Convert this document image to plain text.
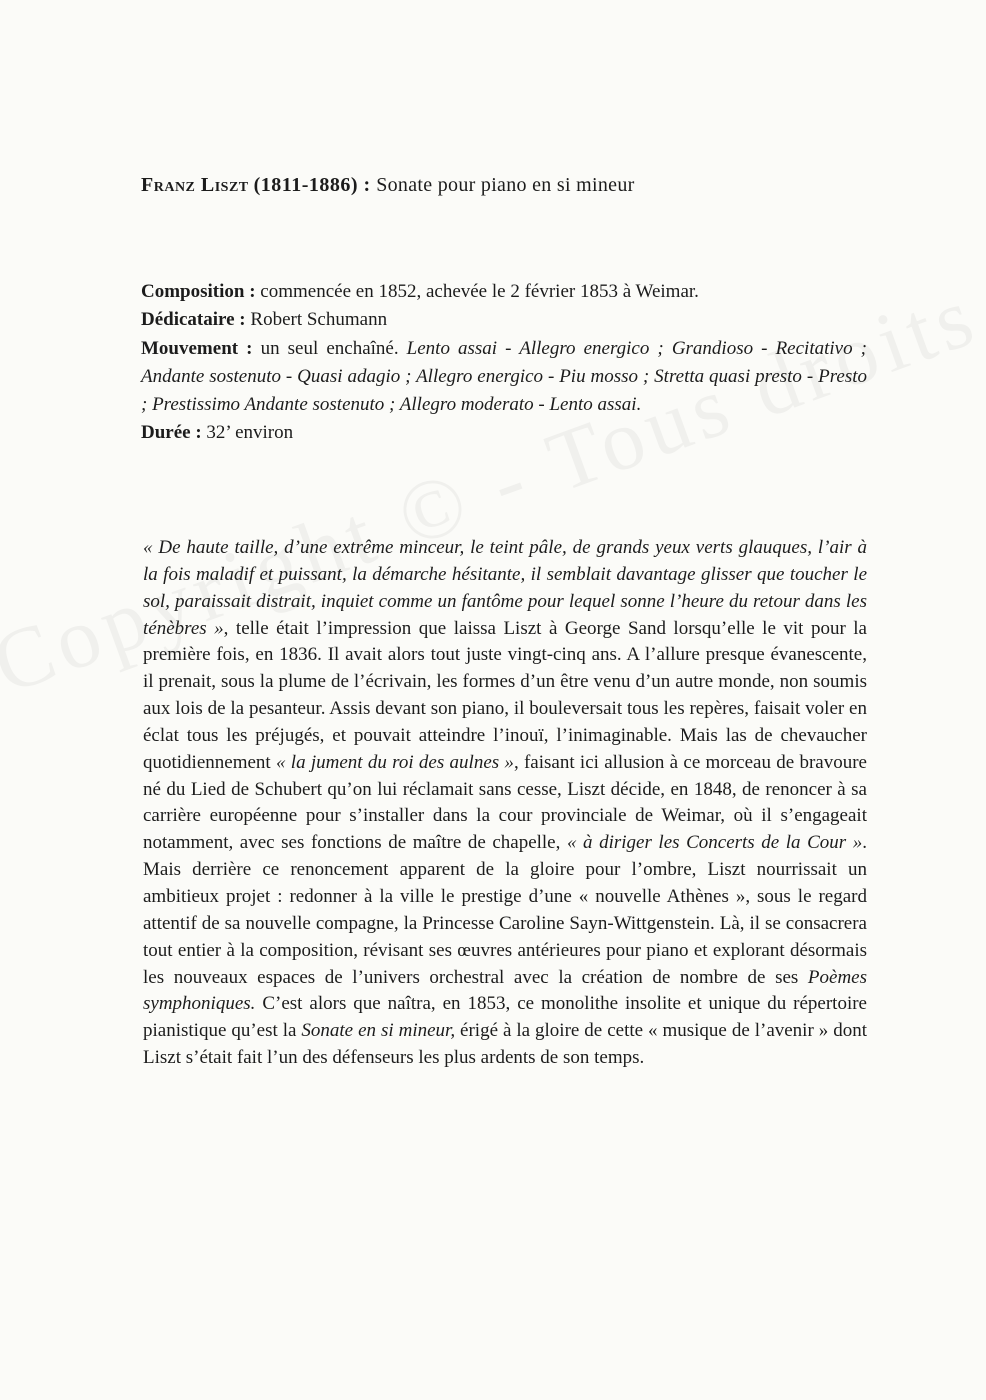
Franz Liszt (1811-1886) : Sonate pour piano en si mineur

Composition : commencée en 1852, achevée le 2 février 1853 à Weimar.

Dédicataire : Robert Schumann

Mouvement : un seul enchaîné. Lento assai - Allegro energico ; Grandioso - Recitativo ; Andante sostenuto - Quasi adagio ; Allegro energico - Piu mosso ; Stretta quasi presto - Presto ; Prestissimo Andante sostenuto ; Allegro moderato - Lento assai.

Durée : 32’ environ

« De haute taille, d’une extrême minceur, le teint pâle, de grands yeux verts glauques, l’air à la fois maladif et puissant, la démarche hésitante, il semblait davantage glisser que toucher le sol, paraissait distrait, inquiet comme un fantôme pour lequel sonne l’heure du retour dans les ténèbres », telle était l’impression que laissa Liszt à George Sand lorsqu’elle le vit pour la première fois, en 1836. Il avait alors tout juste vingt-cinq ans. A l’allure presque évanescente, il prenait, sous la plume de l’écrivain, les formes d’un être venu d’un autre monde, non soumis aux lois de la pesanteur. Assis devant son piano, il bouleversait tous les repères, faisait voler en éclat tous les préjugés, et pouvait atteindre l’inouï, l’inimaginable. Mais las de chevaucher quotidiennement « la jument du roi des aulnes », faisant ici allusion à ce morceau de bravoure né du Lied de Schubert qu’on lui réclamait sans cesse, Liszt décide, en 1848, de renoncer à sa carrière européenne pour s’installer dans la cour provinciale de Weimar, où il s’engageait notamment, avec ses fonctions de maître de chapelle, « à diriger les Concerts de la Cour ». Mais derrière ce renoncement apparent de la gloire pour l’ombre, Liszt nourrissait un ambitieux projet : redonner à la ville le prestige d’une « nouvelle Athènes », sous le regard attentif de sa nouvelle compagne, la Princesse Caroline Sayn-Wittgenstein. Là, il se consacrera tout entier à la composition, révisant ses œuvres antérieures pour piano et explorant désormais les nouveaux espaces de l’univers orchestral avec la création de nombre de ses Poèmes symphoniques. C’est alors que naîtra, en 1853, ce monolithe insolite et unique du répertoire pianistique qu’est la Sonate en si mineur, érigé à la gloire de cette « musique de l’avenir » dont Liszt s’était fait l’un des défenseurs les plus ardents de son temps.
